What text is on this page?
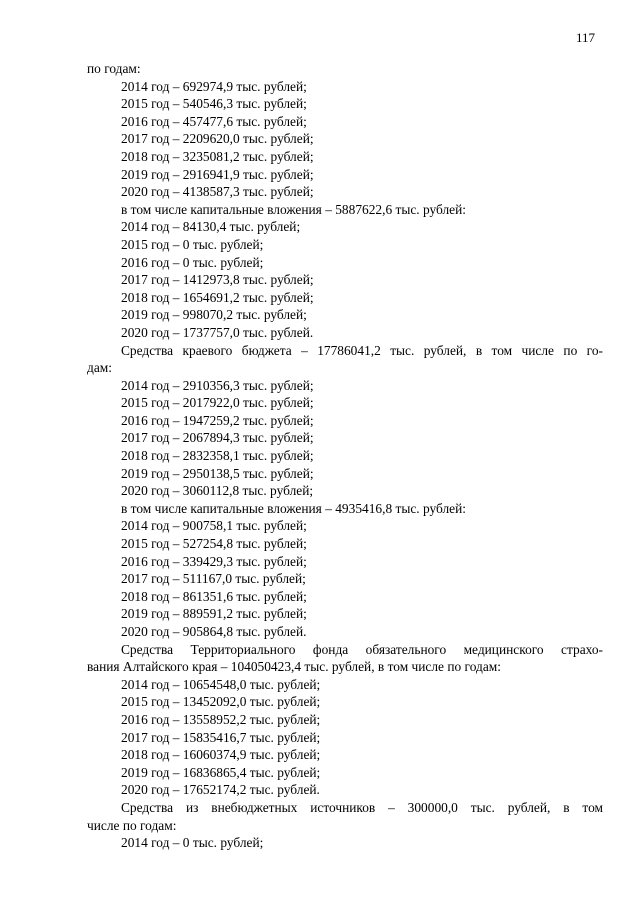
117
по годам:
2014 год – 692974,9 тыс. рублей;
2015 год – 540546,3 тыс. рублей;
2016 год – 457477,6 тыс. рублей;
2017 год – 2209620,0 тыс. рублей;
2018 год – 3235081,2 тыс. рублей;
2019 год – 2916941,9 тыс. рублей;
2020 год – 4138587,3 тыс. рублей;
в том числе капитальные вложения – 5887622,6 тыс. рублей:
2014 год – 84130,4 тыс. рублей;
2015 год – 0 тыс. рублей;
2016 год – 0 тыс. рублей;
2017 год – 1412973,8 тыс. рублей;
2018 год – 1654691,2 тыс. рублей;
2019 год – 998070,2 тыс. рублей;
2020 год – 1737757,0 тыс. рублей.
Средства краевого бюджета – 17786041,2 тыс. рублей, в том числе по го-
дам:
2014 год – 2910356,3 тыс. рублей;
2015 год – 2017922,0 тыс. рублей;
2016 год – 1947259,2 тыс. рублей;
2017 год – 2067894,3 тыс. рублей;
2018 год – 2832358,1 тыс. рублей;
2019 год – 2950138,5 тыс. рублей;
2020 год – 3060112,8 тыс. рублей;
в том числе капитальные вложения – 4935416,8 тыс. рублей:
2014 год – 900758,1 тыс. рублей;
2015 год – 527254,8 тыс. рублей;
2016 год – 339429,3 тыс. рублей;
2017 год – 511167,0 тыс. рублей;
2018 год – 861351,6 тыс. рублей;
2019 год – 889591,2 тыс. рублей;
2020 год – 905864,8 тыс. рублей.
Средства Территориального фонда обязательного медицинского страхо-
вания Алтайского края – 104050423,4 тыс. рублей, в том числе по годам:
2014 год – 10654548,0 тыс. рублей;
2015 год – 13452092,0 тыс. рублей;
2016 год – 13558952,2 тыс. рублей;
2017 год – 15835416,7 тыс. рублей;
2018 год – 16060374,9 тыс. рублей;
2019 год – 16836865,4 тыс. рублей;
2020 год – 17652174,2 тыс. рублей.
Средства из внебюджетных источников – 300000,0 тыс. рублей, в том
числе по годам:
2014 год – 0 тыс. рублей;
